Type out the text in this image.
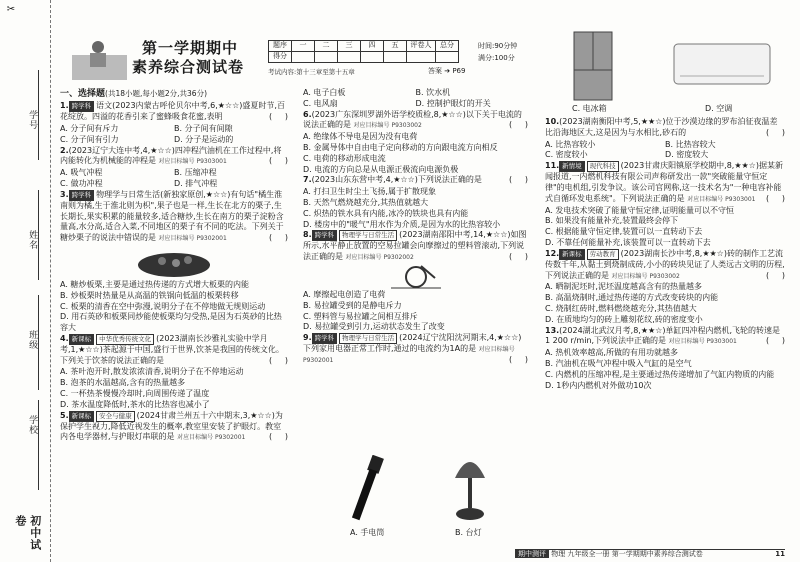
✂
学号
姓名
班级
学校
初中试卷
第一学期期中
素养综合测试卷
题序	一	二	三	四	五	评卷人	总分
得分							
时间:90分钟
满分:100分
考试内容:第十三章至第十五章	答案 ➔ P69
一、选择题(共18小题,每小题2分,共36分)
1. 跨学科 语文(2023内蒙古呼伦贝尔中考,6,★☆☆)盛夏时节,百花绽放。四溢的花香引来了蜜蜂吸食花蜜,表明	(     )
A. 分子间有斥力	B. 分子间有间隙
C. 分子间有引力	D. 分子是运动的
2.(2023辽宁大连中考,4,★☆☆)四冲程汽油机在工作过程中,将内能转化为机械能的冲程是 对应目标编号 P9303001	(     )
A. 吸气冲程	B. 压缩冲程
C. 做功冲程	D. 排气冲程
3. 跨学科 物理学与日常生活(新独家原创,★☆☆)有句话"橘生淮南则为橘,生于淮北则为枳",果子也是一样,生长在北方的栗子,生长期长,果实积累的能量较多,适合糖炒,生长在南方的栗子淀粉含量高,水分高,适合入菜,不同地区的栗子有不同的吃法。下列关于糖炒栗子的说法中错误的是 对应目标编号 P9302001	(     )
A. 糖炒板栗,主要是通过热传递的方式增大板栗的内能
B. 炒板栗时热量是从高温的铁锅向低温的板栗转移
C. 板栗的清香在空中弥漫,说明分子在不停地做无规则运动
D. 用石英砂和板栗同炒能使板栗均匀受热,是因为石英砂的比热容大
4. 新课标 中华优秀传统文化 (2023湖南长沙雅礼实验中学月考,1,★☆☆)茶起源于中国,盛行于世界,饮茶是我国的传统文化。下列关于饮茶的说法正确的是	(     )
A. 茶叶泡开时,散发浓浓清香,说明分子在不停地运动
B. 泡茶的水温越高,含有的热量越多
C. 一杯热茶慢慢冷却时,向周围传递了温度
D. 茶水温度降低时,茶水的比热容也减小了
5. 新课标 安全与健康 (2024甘肃兰州五十六中期末,3,★☆☆)为保护学生视力,降低近视发生的概率,教室里安装了护眼灯。教室内各电学器材,与护眼灯串联的是 对应目标编号 P9302001	(     )
A. 电子白板	B. 饮水机
C. 电风扇	D. 控制护眼灯的开关
6.(2023广东深圳罗湖外语学校质检,8,★☆☆)以下关于电流的说法正确的是 对应目标编号 P9303002	(     )
A. 绝缘体不导电是因为没有电荷
B. 金属导体中自由电子定向移动的方向跟电流方向相反
C. 电荷的移动形成电流
D. 电流的方向总是从电源正极流向电源负极
7.(2023山东东营中考,4,★☆☆)下列说法正确的是	(     )
A. 打扫卫生时尘土飞扬,属于扩散现象
B. 天然气燃烧越充分,其热值就越大
C. 炽热的铁水具有内能,冰冷的铁块也具有内能
D. 楼房中的"暖气"用水作为介质,是因为水的比热容较小
8. 跨学科 物理学与日常生活 (2023湖南邵阳中考,14,★☆☆)如图所示,水平静止放置的空易拉罐会向摩擦过的塑料管滚动,下列说法正确的是 对应目标编号 P9302002	(     )
A. 摩擦起电创造了电荷
B. 易拉罐受到的是静电斥力
C. 塑料管与易拉罐之间相互排斥
D. 易拉罐受到引力,运动状态发生了改变
9. 跨学科 物理学与日常生活 (2024辽宁沈阳沈河期末,4,★☆☆)下列家用电器正常工作时,通过的电流约为1A的是 对应目标编号 P9302001	(     )
A. 手电筒	B. 台灯
C. 电冰箱	D. 空调
10.(2023湖南衡阳中考,5,★★☆)位于沙漠边缘的罗布泊征夜温差比沿海地区大,这是因为与水相比,砂石的	(     )
A. 比热容较小	B. 比热容较大
C. 密度较小	D. 密度较大
11. 新情境 现代科技 (2023甘肃庆阳镇原学校期中,8,★★☆)据某新闻报道,一内燃机科技有限公司声称研发出一款"突破能量守恒定律"的电机组,引发争议。该公司官网称,这一技术名为"一种电容补能式自循环发电系统"。下列说法正确的是 对应目标编号 P9303001 (     )
A. 发电技术突破了能量守恒定律,证明能量可以不守恒
B. 如果没有能量补充,装置最终会停下
C. 根据能量守恒定律,装置可以一直转动下去
D. 不靠任何能量补充,该装置可以一直转动下去
12. 新课标 劳动教育 (2023湖南长沙中考,8,★★☆)砖的制作工艺流传数千年,从黏土到烧制成砖,小小的砖块见证了人类远古文明的历程,下列说法正确的是 对应目标编号 P9303002	(     )
A. 晒制泥坯时,泥坯温度越高含有的热量越多
B. 高温烧制时,通过热传递的方式改变砖块的内能
C. 烧制红砖时,燃料燃烧越充分,其热值越大
D. 在质地均匀的砖上雕刻花纹,砖的密度变小
13.(2024湖北武汉月考,8,★★☆)单缸四冲程内燃机,飞轮的转速是1 200 r/min,下列说法中正确的是 对应目标编号 P9303001	(     )
A. 热机效率越高,所做的有用功就越多
B. 汽油机在吸气冲程中吸入气缸的是空气
C. 内燃机的压缩冲程,是主要通过热传递增加了气缸内物质的内能
D. 1秒内内燃机对外做功10次
期中测评 物理 九年级全一册 第一学期期中素养综合测试卷	11
